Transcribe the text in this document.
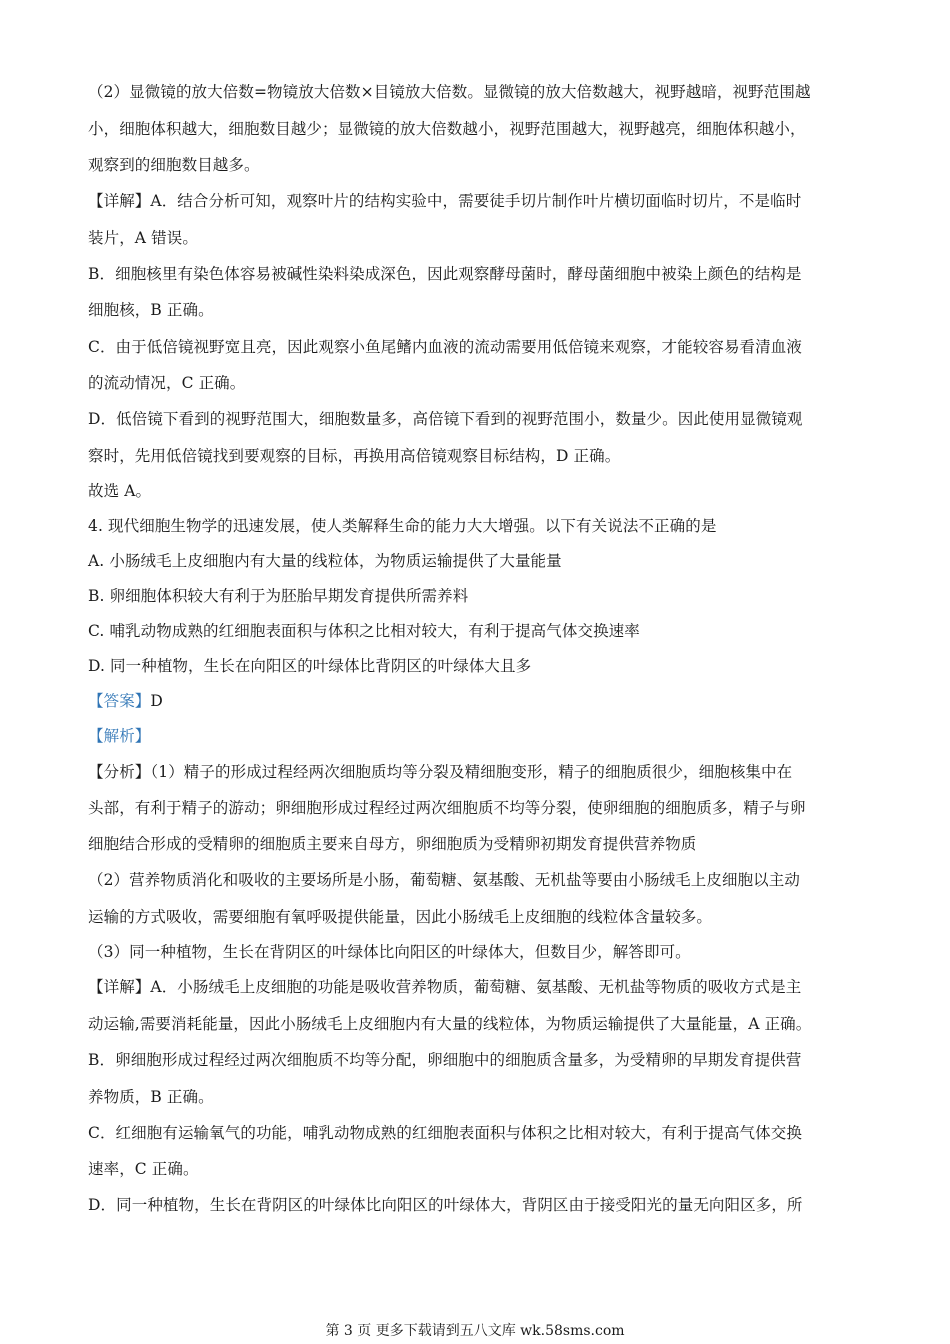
（2）显微镜的放大倍数=物镜放大倍数×目镜放大倍数。显微镜的放大倍数越大，视野越暗，视野范围越
小，细胞体积越大，细胞数目越少；显微镜的放大倍数越小，视野范围越大，视野越亮，细胞体积越小，
观察到的细胞数目越多。
【详解】A．结合分析可知，观察叶片的结构实验中，需要徒手切片制作叶片横切面临时切片，不是临时
装片，A 错误。
B．细胞核里有染色体容易被碱性染料染成深色，因此观察酵母菌时，酵母菌细胞中被染上颜色的结构是
细胞核，B 正确。
C．由于低倍镜视野宽且亮，因此观察小鱼尾鳍内血液的流动需要用低倍镜来观察，才能较容易看清血液
的流动情况，C 正确。
D．低倍镜下看到的视野范围大，细胞数量多，高倍镜下看到的视野范围小，数量少。因此使用显微镜观
察时，先用低倍镜找到要观察的目标，再换用高倍镜观察目标结构，D 正确。
故选 A。
4. 现代细胞生物学的迅速发展，使人类解释生命的能力大大增强。以下有关说法不正确的是
A. 小肠绒毛上皮细胞内有大量的线粒体，为物质运输提供了大量能量
B. 卵细胞体积较大有利于为胚胎早期发育提供所需养料
C. 哺乳动物成熟的红细胞表面积与体积之比相对较大，有利于提高气体交换速率
D. 同一种植物，生长在向阳区的叶绿体比背阴区的叶绿体大且多
【答案】D
【解析】
【分析】（1）精子的形成过程经两次细胞质均等分裂及精细胞变形，精子的细胞质很少，细胞核集中在
头部，有利于精子的游动；卵细胞形成过程经过两次细胞质不均等分裂，使卵细胞的细胞质多，精子与卵
细胞结合形成的受精卵的细胞质主要来自母方，卵细胞质为受精卵初期发育提供营养物质
（2）营养物质消化和吸收的主要场所是小肠，葡萄糖、氨基酸、无机盐等要由小肠绒毛上皮细胞以主动
运输的方式吸收，需要细胞有氧呼吸提供能量，因此小肠绒毛上皮细胞的线粒体含量较多。
（3）同一种植物，生长在背阴区的叶绿体比向阳区的叶绿体大，但数目少，解答即可。
【详解】A．小肠绒毛上皮细胞的功能是吸收营养物质，葡萄糖、氨基酸、无机盐等物质的吸收方式是主
动运输,需要消耗能量，因此小肠绒毛上皮细胞内有大量的线粒体，为物质运输提供了大量能量，A 正确。
B．卵细胞形成过程经过两次细胞质不均等分配，卵细胞中的细胞质含量多，为受精卵的早期发育提供营
养物质，B 正确。
C．红细胞有运输氧气的功能，哺乳动物成熟的红细胞表面积与体积之比相对较大，有利于提高气体交换
速率，C 正确。
D．同一种植物，生长在背阴区的叶绿体比向阳区的叶绿体大，背阴区由于接受阳光的量无向阳区多，所
第 3 页 更多下载请到五八文库 wk.58sms.com
